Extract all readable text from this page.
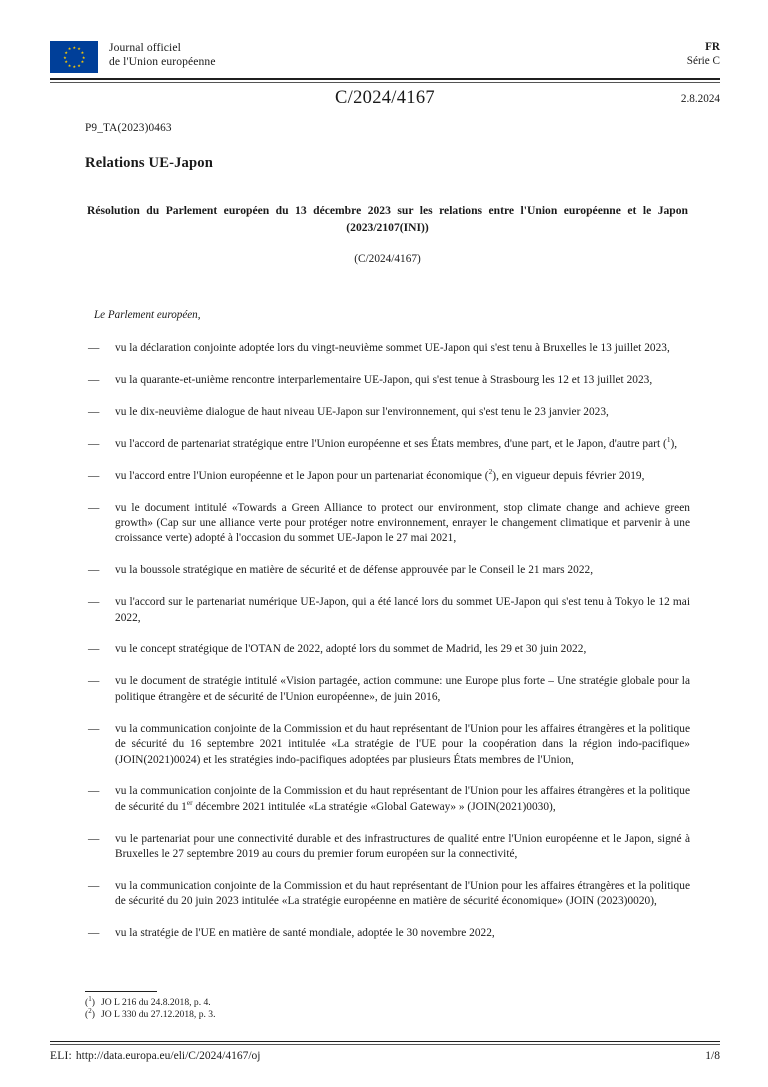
★ ★
★
★
★
★
★
★
★
★
★
★	Journal officiel
de l'Union européenne
FR
Série C
C/2024/4167	2.8.2024

P9_TA(2023)0463

Relations UE-Japon

Résolution du Parlement européen du 13 décembre 2023 sur les relations entre l'Union européenne et le Japon (2023/2107(INI))

(C/2024/4167)

Le Parlement européen,

—	vu la déclaration conjointe adoptée lors du vingt-neuvième sommet UE-Japon qui s'est tenu à Bruxelles le 13 juillet 2023,
—	vu la quarante-et-unième rencontre interparlementaire UE-Japon, qui s'est tenue à Strasbourg les 12 et 13 juillet 2023,
—	vu le dix-neuvième dialogue de haut niveau UE-Japon sur l'environnement, qui s'est tenu le 23 janvier 2023,
—	vu l'accord de partenariat stratégique entre l'Union européenne et ses États membres, d'une part, et le Japon, d'autre part ($^1$),
—	vu l'accord entre l'Union européenne et le Japon pour un partenariat économique ($^2$), en vigueur depuis février 2019,
—	vu le document intitulé «Towards a Green Alliance to protect our environment, stop climate change and achieve green growth» (Cap sur une alliance verte pour protéger notre environnement, enrayer le changement climatique et parvenir à une croissance verte) adopté à l'occasion du sommet UE-Japon le 27 mai 2021,
—	vu la boussole stratégique en matière de sécurité et de défense approuvée par le Conseil le 21 mars 2022,
—	vu l'accord sur le partenariat numérique UE-Japon, qui a été lancé lors du sommet UE-Japon qui s'est tenu à Tokyo le 12 mai 2022,
—	vu le concept stratégique de l'OTAN de 2022, adopté lors du sommet de Madrid, les 29 et 30 juin 2022,
—	vu le document de stratégie intitulé «Vision partagée, action commune: une Europe plus forte – Une stratégie globale pour la politique étrangère et de sécurité de l'Union européenne», de juin 2016,
—	vu la communication conjointe de la Commission et du haut représentant de l'Union pour les affaires étrangères et la politique de sécurité du 16 septembre 2021 intitulée «La stratégie de l'UE pour la coopération dans la région indo-pacifique» (JOIN(2021)0024) et les stratégies indo-pacifiques adoptées par plusieurs États membres de l'Union,
—	vu la communication conjointe de la Commission et du haut représentant de l'Union pour les affaires étrangères et la politique de sécurité du 1er décembre 2021 intitulée «La stratégie «Global Gateway» » (JOIN(2021)0030),
—	vu le partenariat pour une connectivité durable et des infrastructures de qualité entre l'Union européenne et le Japon, signé à Bruxelles le 27 septembre 2019 au cours du premier forum européen sur la connectivité,
—	vu la communication conjointe de la Commission et du haut représentant de l'Union pour les affaires étrangères et la politique de sécurité du 20 juin 2023 intitulée «La stratégie européenne en matière de sécurité économique» (JOIN (2023)0020),
—	vu la stratégie de l'UE en matière de santé mondiale, adoptée le 30 novembre 2022,
($^1$) JO L 216 du 24.8.2018, p. 4.
($^2$) JO L 330 du 27.12.2018, p. 3.
ELI: http://data.europa.eu/eli/C/2024/4167/oj	1/8
